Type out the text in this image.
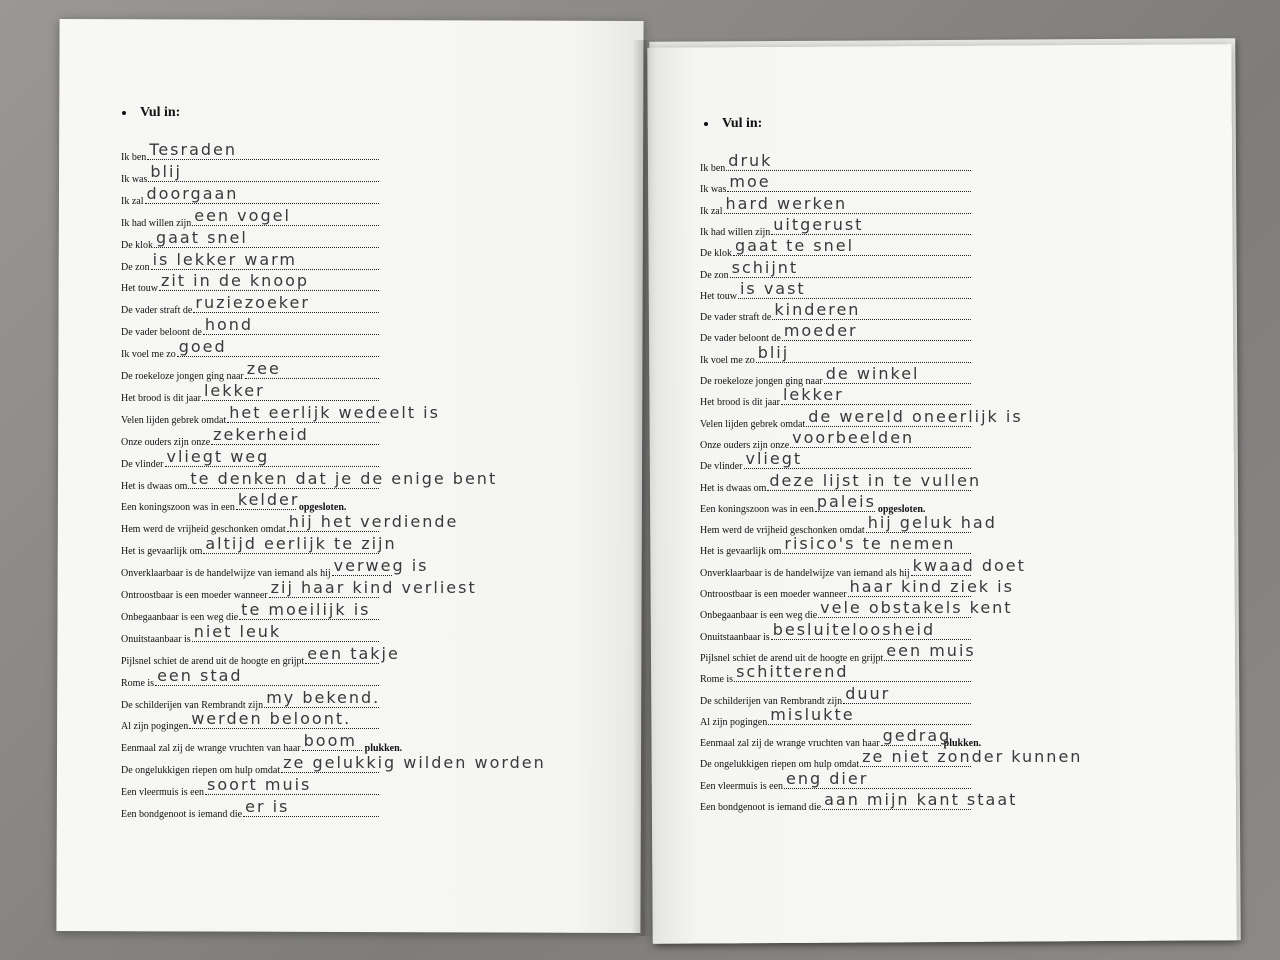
Vul in:
Vul in:
Ik ben Tesraden
Ik was blij
Ik zal doorgaan
Ik had willen zijn een vogel
De klok gaat snel
De zon is lekker warm
Het touw zit in de knoop
De vader straft de ruziezoeker
De vader beloont de hond
Ik voel me zo goed
De roekeloze jongen ging naar zee
Het brood is dit jaar lekker
Velen lijden gebrek omdat het eerlijk wedeelt is
Onze ouders zijn onze zekerheid
De vlinder vliegt weg
Het is dwaas om te denken dat je de enige bent
Een koningszoon was in een kelder opgesloten.
Hem werd de vrijheid geschonken omdat hij het verdiende
Het is gevaarlijk om altijd eerlijk te zijn
Onverklaarbaar is de handelwijze van iemand als hij verweg is
Ontroostbaar is een moeder wanneer zij haar kind verliest
Onbegaanbaar is een weg die te moeilijk is
Onuitstaanbaar is niet leuk
Pijlsnel schiet de arend uit de hoogte en grijpt een takje
Rome is een stad
De schilderijen van Rembrandt zijn my bekend.
Al zijn pogingen werden beloont.
Eenmaal zal zij de wrange vruchten van haar boom plukken.
De ongelukkigen riepen om hulp omdat ze gelukkig wilden worden
Een vleermuis is een soort muis
Een bondgenoot is iemand die er is
Ik ben druk
Ik was moe
Ik zal hard werken
Ik had willen zijn uitgerust
De klok gaat te snel
De zon schijnt
Het touw is vast
De vader straft de kinderen
De vader beloont de moeder
Ik voel me zo blij
De roekeloze jongen ging naar de winkel
Het brood is dit jaar lekker
Velen lijden gebrek omdat de wereld oneerlijk is
Onze ouders zijn onze voorbeelden
De vlinder vliegt
Het is dwaas om deze lijst in te vullen
Een koningszoon was in een paleis opgesloten.
Hem werd de vrijheid geschonken omdat hij geluk had
Het is gevaarlijk om risico's te nemen
Onverklaarbaar is de handelwijze van iemand als hij kwaad doet
Ontroostbaar is een moeder wanneer haar kind ziek is
Onbegaanbaar is een weg die vele obstakels kent
Onuitstaanbaar is besluiteloosheid
Pijlsnel schiet de arend uit de hoogte en grijpt een muis
Rome is schitterend
De schilderijen van Rembrandt zijn duur
Al zijn pogingen mislukte
Eenmaal zal zij de wrange vruchten van haar gedrag
plukken.
De ongelukkigen riepen om hulp omdat ze niet zonder kunnen
Een vleermuis is een eng dier
Een bondgenoot is iemand die aan mijn kant staat
